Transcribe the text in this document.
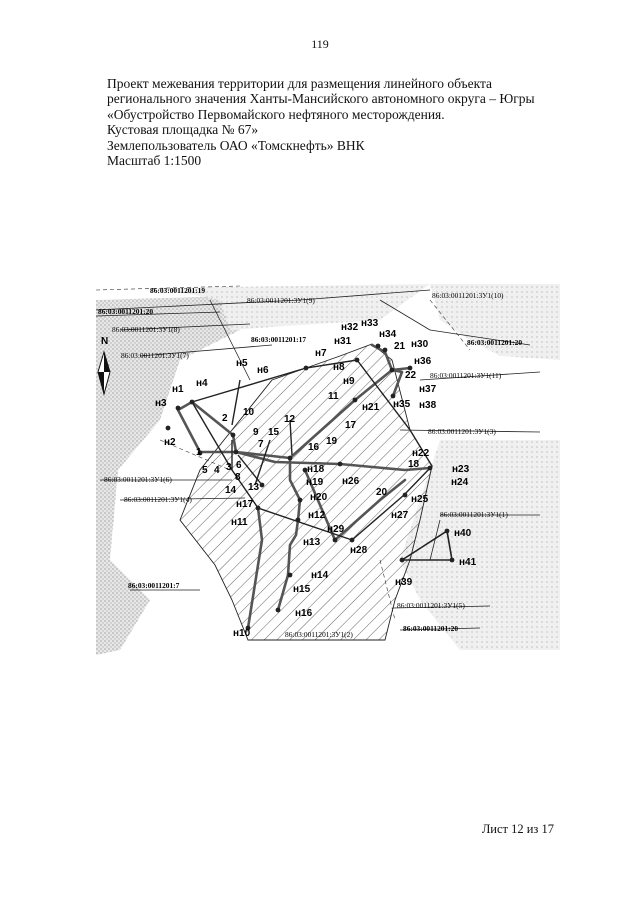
119
Проект межевания территории для размещения линейного объекта
регионального значения Ханты-Мансийского автономного округа – Югры
«Обустройство Первомайского нефтяного месторождения.
Кустовая площадка № 67»
Землепользователь ОАО «Томскнефть» ВНК
Масштаб 1:1500
N
86:03:0011201:19
86:03:0011201:20
86:03:0011201:3У1(9)
86:03:0011201:3У1(10)
86:03:0011201:3У1(8)
86:03:0011201:17	86:03:0011201:20
86:03:0011201:3У1(7)
86:03:0011201:3У1(11)
86:03:0011201:3У1(3)
86:03:0011201:3У1(6)
86:03:0011201:3У1(4)
86:03:0011201:3У1(1)
86:03:0011201:7
86:03:0011201:3У1(5)
86:03:0011201:3У1(2)
86:03:0011201:20
н32 н33
н34
н31	21 н30
н7
н36
н8
н5
н6	22
н9
н37
н1
н4
11
н35 н38
н3	н21
2
10
12
17
9 15
н2	16
19
1
7
н22
18	н23
5 4 3 6	н18
8	н26	н24
н19
14 13	20
н25
н20
н17
н27
н12
н11
н29	н40
н13
н28
н41
н14
н39
н15
н16
н10
Лист 12 из 17
